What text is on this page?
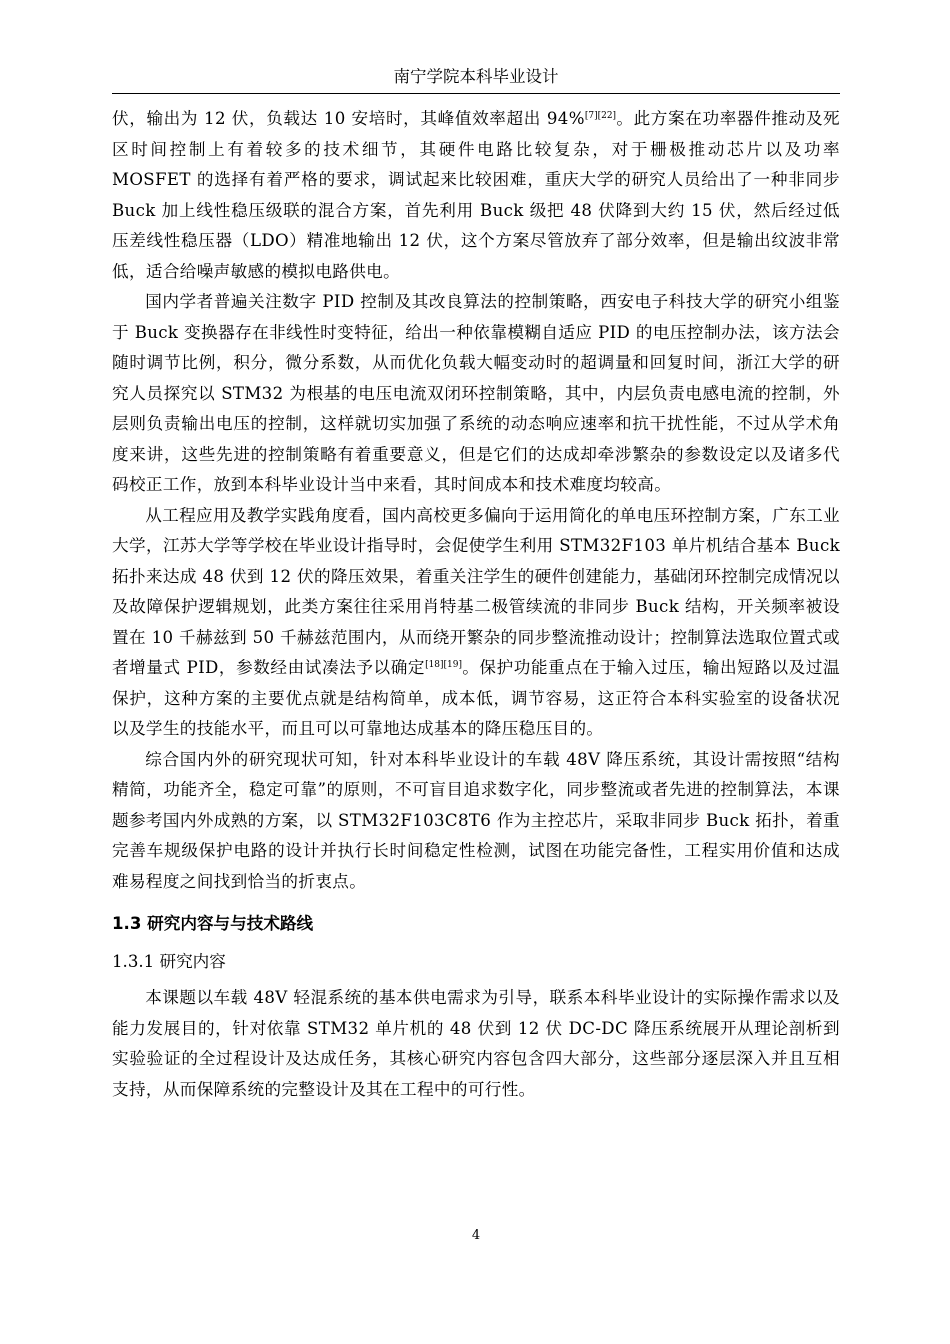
南宁学院本科毕业设计

伏，输出为 12 伏，负载达 10 安培时，其峰值效率超出 94%[7][22]。此方案在功率器件推动及死区时间控制上有着较多的技术细节，其硬件电路比较复杂，对于栅极推动芯片以及功率 MOSFET 的选择有着严格的要求，调试起来比较困难，重庆大学的研究人员给出了一种非同步 Buck 加上线性稳压级联的混合方案，首先利用 Buck 级把 48 伏降到大约 15 伏，然后经过低压差线性稳压器（LDO）精准地输出 12 伏，这个方案尽管放弃了部分效率，但是输出纹波非常低，适合给噪声敏感的模拟电路供电。

国内学者普遍关注数字 PID 控制及其改良算法的控制策略，西安电子科技大学的研究小组鉴于 Buck 变换器存在非线性时变特征，给出一种依靠模糊自适应 PID 的电压控制办法，该方法会随时调节比例，积分，微分系数，从而优化负载大幅变动时的超调量和回复时间，浙江大学的研究人员探究以 STM32 为根基的电压电流双闭环控制策略，其中，内层负责电感电流的控制，外层则负责输出电压的控制，这样就切实加强了系统的动态响应速率和抗干扰性能，不过从学术角度来讲，这些先进的控制策略有着重要意义，但是它们的达成却牵涉繁杂的参数设定以及诸多代码校正工作，放到本科毕业设计当中来看，其时间成本和技术难度均较高。

从工程应用及教学实践角度看，国内高校更多偏向于运用简化的单电压环控制方案，广东工业大学，江苏大学等学校在毕业设计指导时，会促使学生利用 STM32F103 单片机结合基本 Buck 拓扑来达成 48 伏到 12 伏的降压效果，着重关注学生的硬件创建能力，基础闭环控制完成情况以及故障保护逻辑规划，此类方案往往采用肖特基二极管续流的非同步 Buck 结构，开关频率被设置在 10 千赫兹到 50 千赫兹范围内，从而绕开繁杂的同步整流推动设计；控制算法选取位置式或者增量式 PID，参数经由试凑法予以确定[18][19]。保护功能重点在于输入过压，输出短路以及过温保护，这种方案的主要优点就是结构简单，成本低，调节容易，这正符合本科实验室的设备状况以及学生的技能水平，而且可以可靠地达成基本的降压稳压目的。

综合国内外的研究现状可知，针对本科毕业设计的车载 48V 降压系统，其设计需按照“结构精简，功能齐全，稳定可靠”的原则，不可盲目追求数字化，同步整流或者先进的控制算法，本课题参考国内外成熟的方案，以 STM32F103C8T6 作为主控芯片，采取非同步 Buck 拓扑，着重完善车规级保护电路的设计并执行长时间稳定性检测，试图在功能完备性，工程实用价值和达成难易程度之间找到恰当的折衷点。

1.3 研究内容与与技术路线
1.3.1 研究内容

本课题以车载 48V 轻混系统的基本供电需求为引导，联系本科毕业设计的实际操作需求以及能力发展目的，针对依靠 STM32 单片机的 48 伏到 12 伏 DC-DC 降压系统展开从理论剖析到实验验证的全过程设计及达成任务，其核心研究内容包含四大部分，这些部分逐层深入并且互相支持，从而保障系统的完整设计及其在工程中的可行性。

4
